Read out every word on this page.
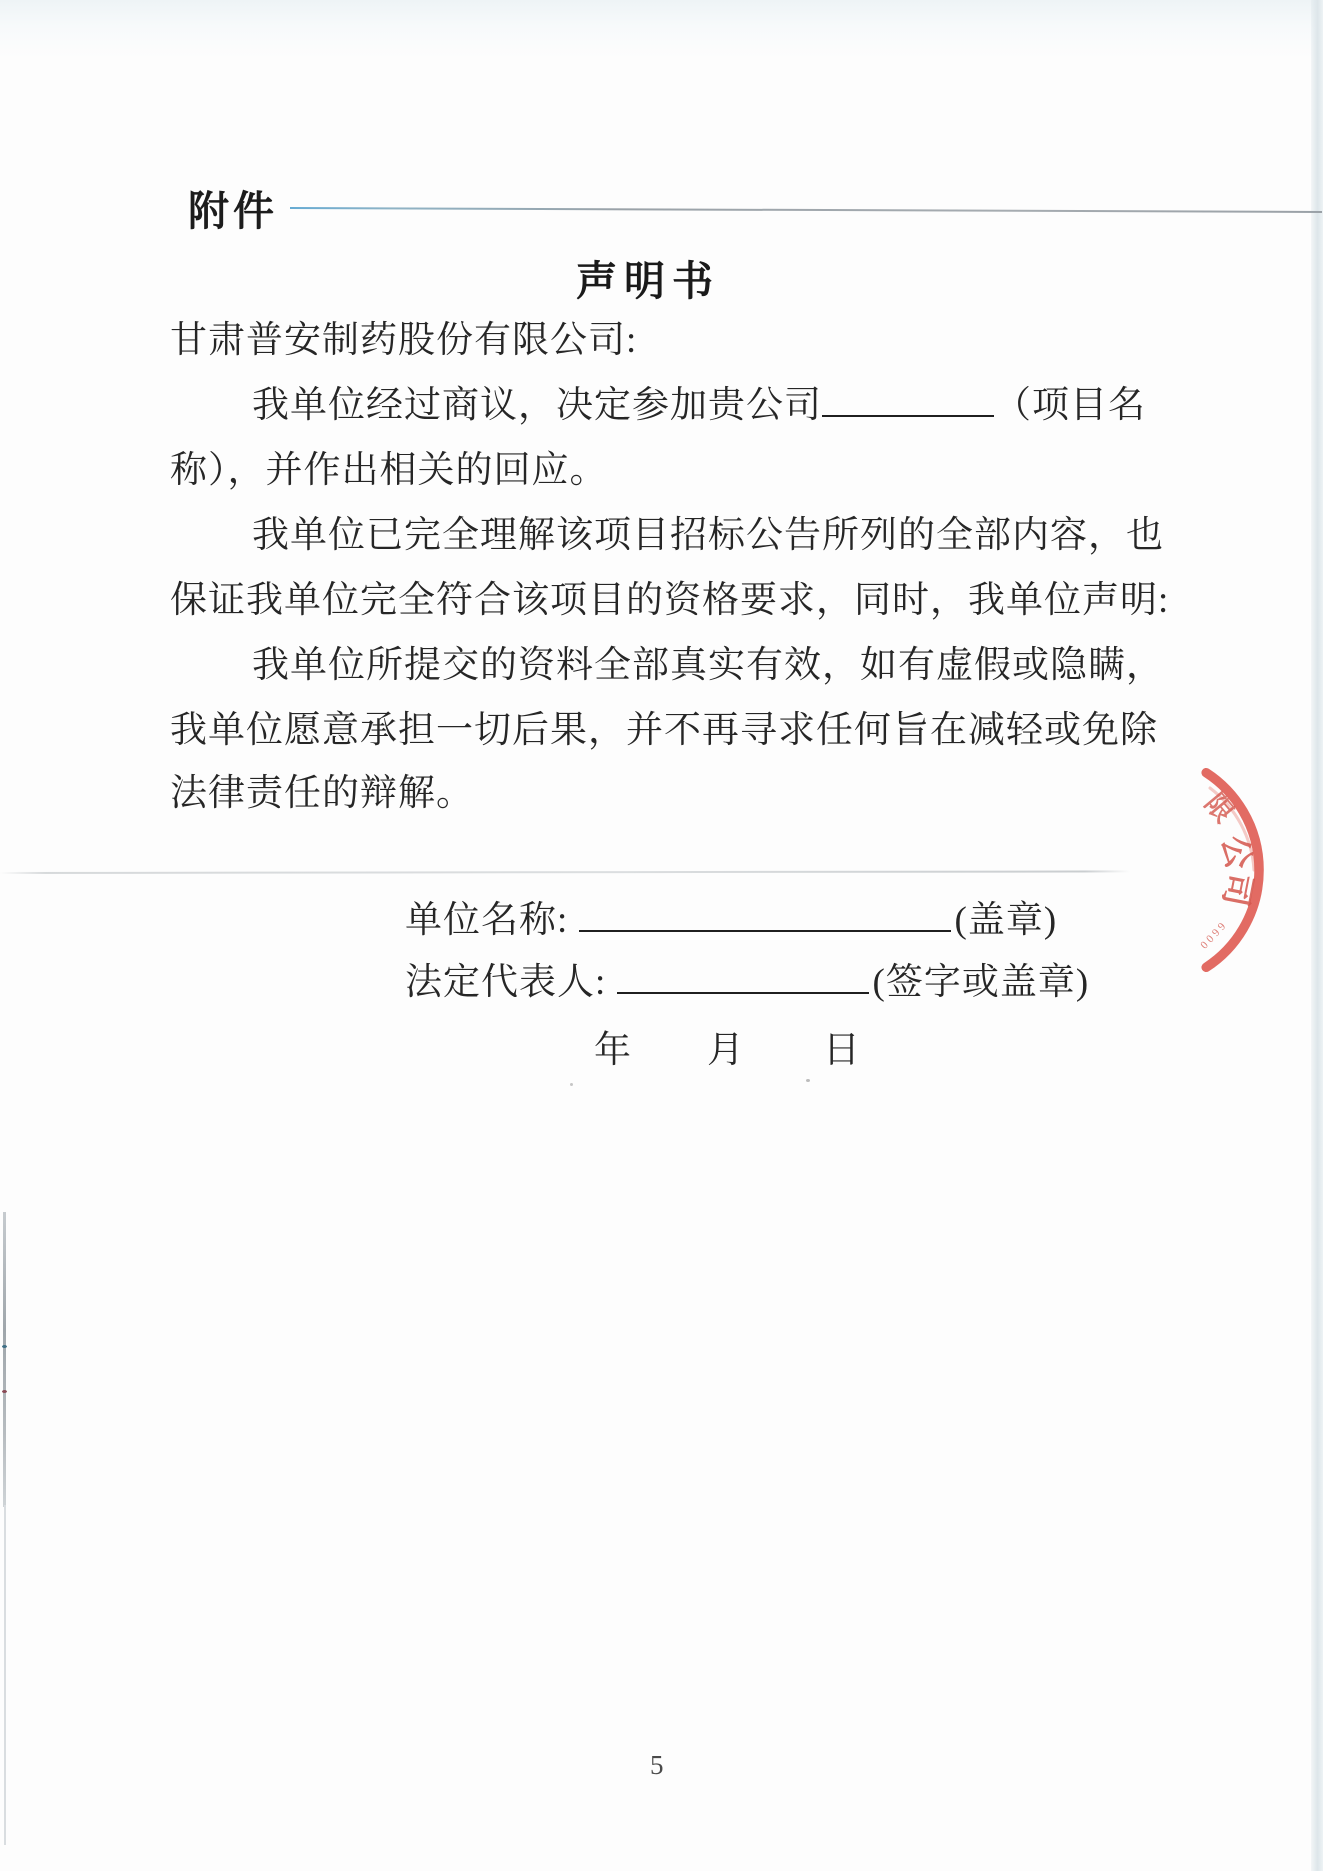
附件
声明书
甘肃普安制药股份有限公司:
我单位经过商议，决定参加贵公司	（项目名
称），并作出相关的回应。
我单位已完全理解该项目招标公告所列的全部内容，也
保证我单位完全符合该项目的资格要求，同时，我单位声明:
我单位所提交的资料全部真实有效，如有虚假或隐瞒，
我单位愿意承担一切后果，并不再寻求任何旨在减轻或免除
法律责任的辩解。
单位名称:	(盖章)
法定代表人:	(签字或盖章)
年 月 日
限
公
司
6600
5
